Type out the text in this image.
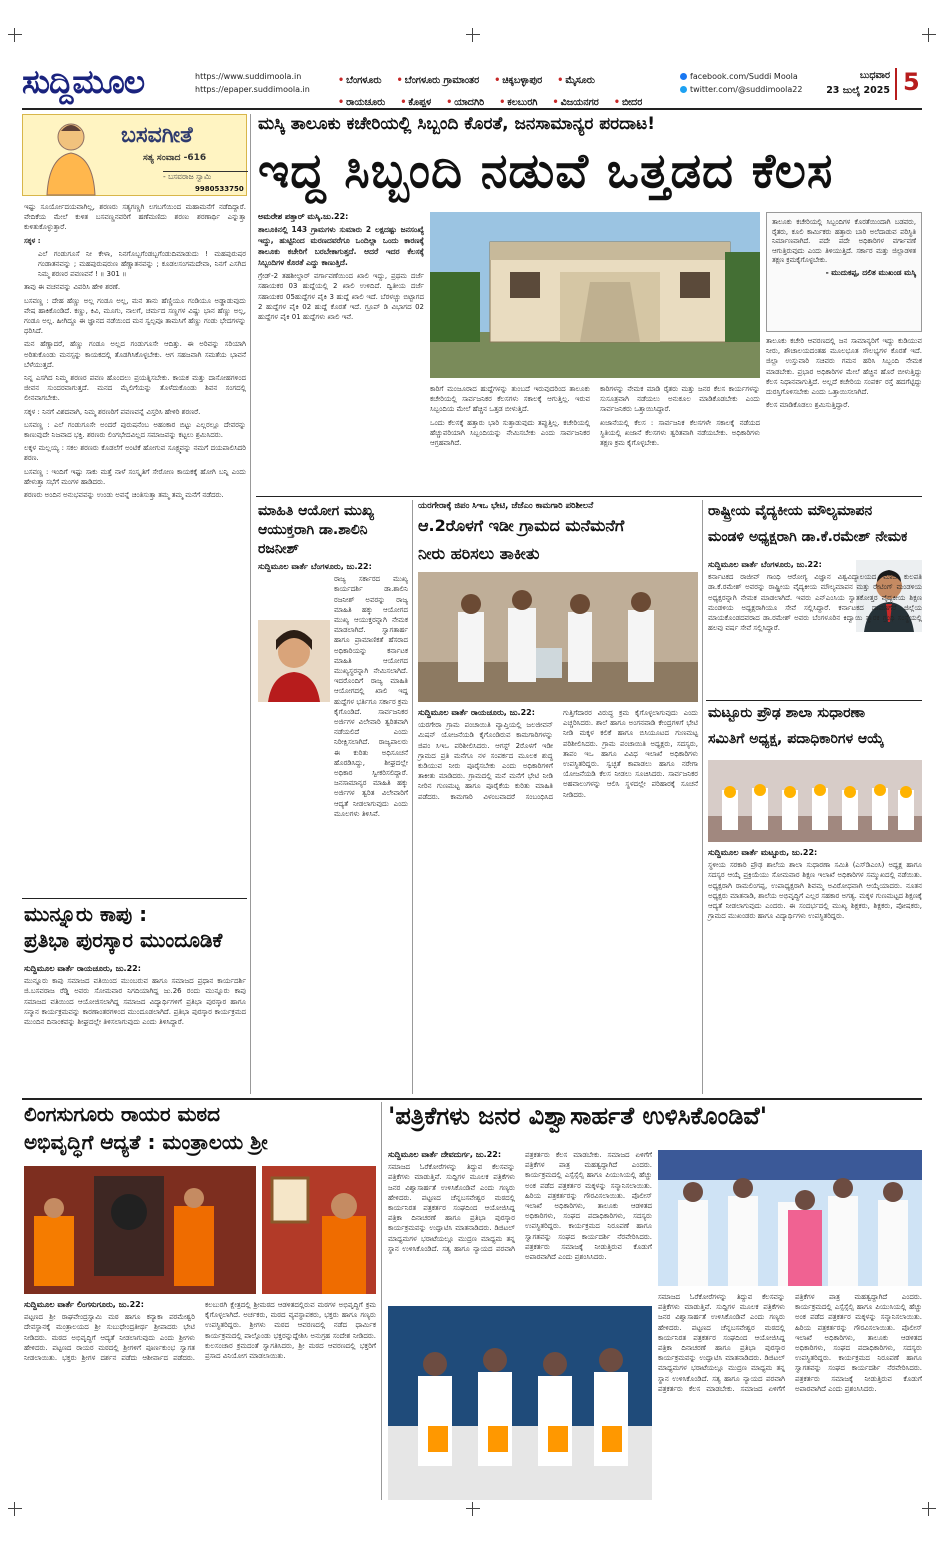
ಸುದ್ದಿಮೂಲ	https://www.suddimoola.in
https://epaper.suddimoola.in
• ಬೆಂಗಳೂರು • ಬೆಂಗಳೂರು ಗ್ರಾಮಾಂತರ • ಚಿಕ್ಕಬಳ್ಳಾಪುರ • ಮೈಸೂರು
• ರಾಯಚೂರು • ಕೊಪ್ಪಳ • ಯಾದಗಿರಿ • ಕಲಬುರಗಿ • ವಿಜಯನಗರ • ಬೀದರ
facebook.com/Suddi Moola
twitter.com/@suddimoola22
ಬುಧವಾರ
23 ಜುಲೈ 2025 5
ಬಸವಗೀತೆ
ಸತ್ಯ ಸಂವಾದ -616
- ಬಸವರಾಜ ಸ್ವಾಮಿ
9980533750

ಇಷ್ಟು ಸೂರ್ಯೋದಯವಾಗಿಲ್ಲ, ಶರಣರು ಸತ್ಯಗಣ್ಣಗಿ ಲಗಬಗೆಯಿಂದ ಮಹಾಮನೆಗೆ ನಡೆದಿದ್ದಾರೆ. ವೇದಿಕೆಯ ಮೇಲೆ ಕುಳಿತ ಬಸವಣ್ಣನವರಿಗೆ ಹಣೆಮಣಿದು ಶರಣು ಶರಣಾರ್ಥಿ ಎನ್ನುತ್ತಾ ಕುಳಿತುಕೊಳ್ಳುತ್ತಾರೆ.

ಸಕ್ಕಳ :

ಎಲೆ ಗಂಡುಗೂಸೆ ನೀ ಕೇಳಾ, ನಿನಗೊಬ್ಬಗೆಂಡಬ್ಬಗೆಂಡುದಿಮಾಡುದು ! ಮಹಪುರುಷರ ಗಂಡಾತನವನ್ನು ; ಮಹಪುರುಷರುಣ ಹೆಣ್ಣಾತನವನ್ನು ; ಕೂಡಲಸಂಗಮದೇವಾ, ನಿನಗೆ ಎಸಗಿದ ನಿಮ್ಮ ಶರಣರ ಪವಣವನೆ ! ॥ 301 ॥

ತಾವು ಈ ವಚನವನ್ನು ವಿವರಿಸಿ ಹೇಳಿ ಶರಣೆ.

ಬಸವಣ್ಣ : ದೇಹ ಹೆಣ್ಣು ಅಲ್ಲ ಗಂಡೂ ಅಲ್ಲ, ಮನ ತಾನು ಹೆಣ್ಣಿಯೂ ಗಂಡಿಯೂ ಅಡ್ಡಾಡುವುದು ವೇಷ ಹಾಕಿಕೊಂಡಿದೆ. ಕಣ್ಣು, ಕಿವಿ, ಮೂಗು, ನಾಲಗೆ, ಚರ್ಮದ ಸಣ್ಣಗಳ ವಿಷ್ಣು ಭಾನ ಹೆಣ್ಣು ಅಲ್ಲ, ಗಂಡೂ ಅಲ್ಲ. ಹೀಗಿದ್ದೂ ಈ ಜ್ಞಾನದ ನಡೆಯಿಂದ ಮನ ಸ್ವಲ್ಪವೂ ತಾಮಸಿಗೆ ಹೆಣ್ಣು ಗಂಡು ಭೇದಗಳನ್ನು ಧರಿಸಿದೆ.

ಮನ ಹೆಣ್ಣಾದರೆ, ಹೆಣ್ಣು ಗಂಡೂ ಅಲ್ಲದ ಗಂಡುಗೂಸೇ ಆದಿತ್ತು. ಈ ಅರಿವನ್ನು ಸರಿಯಾಗಿ ಅರಿತುಕೊಂಡು ಮನಸ್ಸನ್ನು ಕಾಯಕದಲ್ಲಿ ತೊಡಗಿಸಿಕೊಳ್ಳಬೇಕು. ಆಗ ಸಹಜವಾಗಿ ಸಮತೆಯ ಭಾವನೆ ಬೆಳೆಯುತ್ತದೆ.

ನಿನ್ನ ಎಸಗಿದ ನಿಮ್ಮ ಶರಣರ ಪವಣ ಹೊಂದಲು ಪ್ರಯತ್ನಿಸಬೇಕು. ಕಾಯಕ ಮತ್ತು ದಾಸೋಹಗಳಿಂದ ಜೀವನ ಸುಂದರವಾಗುತ್ತದೆ. ಮನದ ಮೈಲಿಗೆಯನ್ನು ತೊಳೆದುಕೊಂಡು ಶಿವನ ಸಂಗದಲ್ಲಿ ಲೀನವಾಗಬೇಕು.

ಸಕ್ಕಳ : ನಿನಗೆ ವಿಶದವಾಗಿ, ನಿಮ್ಮ ಶರಣರಿಗೆ ಪವಣವನ್ನೆ ವಿಸ್ತರಿಸಿ ಹೇಳಿರಿ ಶರಣರೆ.

ಬಸವಣ್ಣ : ಎಲೆ ಗಂಡುಗೂಸೇ ಅಂದರೆ ಪುರುಷನೆಂಬ ಅಹಂಕಾರ ಬಿಟ್ಟು ಎಲ್ಲರಲ್ಲೂ ದೇವರನ್ನು ಕಾಣುವುದೇ ನಿಜವಾದ ಭಕ್ತಿ. ಶರಣರು ಲಿಂಗಭೇದವಿಲ್ಲದ ಸಮಾಜವನ್ನು ಕಟ್ಟಲು ಶ್ರಮಿಸಿದರು.

ಲಕ್ಕಳ ಮಲ್ಲಯ್ಯ : ಸಕಲ ಶರಣರು ಕೊಡಲೆಗೆ ಅಂಟಿಕೆ ಹೋಗುವ ಸೂಕ್ಷ್ಮವನ್ನು ನಮಗೆ ದಯಪಾಲಿಸಿದರಿ ಶರಣ.

ಬಸವಣ್ಣ : ಇಂದಿಗೆ ಇಷ್ಟು ಸಾಕು ಮತ್ತೆ ನಾಳೆ ಸಂಸ್ಕೃತಿಗೆ ಸೇರೋಣ ಕಾಯಕಕ್ಕೆ ಹೋಗಿ ಬನ್ನಿ ಎಂದು ಹೇಳುತ್ತಾ ಸಭೆಗೆ ಮಂಗಳ ಹಾಡಿದರು.

ಶರಣರು ಅಂದಿನ ಅನುಭವವನ್ನು ಉಂಡು ಅವನ್ನೆ ಚಿಂತಿಸುತ್ತಾ ತಮ್ಮ ತಮ್ಮ ಮನೆಗೆ ನಡೆದರು.

ಮುನ್ನೂರು ಕಾಪು :
ಪ್ರತಿಭಾ ಪುರಸ್ಕಾರ ಮುಂದೂಡಿಕೆ
ಸುದ್ದಿಮೂಲ ವಾರ್ತೆ ರಾಯಚೂರು, ಜು.22:

ಮುನ್ನೂರು ಕಾಪು ಸಮಾಜದ ವತಿಯಿಂದ ಮುಂಬರುವ ಹಾಗೂ ಸಮಾಜದ ಪ್ರಧಾನ ಕಾರ್ಯದರ್ಶಿ ಜಿ.ಬಸವರಾಜ ರೆಡ್ಡಿ ಅವರು ಸೋಮವಾರ ನಿಗದಿಯಾಗಿದ್ದ ಜು.26 ರಂದು ಮುನ್ನೂರು ಕಾಪು ಸಮಾಜದ ವತಿಯಿಂದ ಆಯೋಜಿಸಲಾಗಿದ್ದ ಸಮಾಜದ ವಿದ್ಯಾರ್ಥಿಗಳಿಗೆ ಪ್ರತಿಭಾ ಪುರಸ್ಕಾರ ಹಾಗೂ ಸನ್ಮಾನ ಕಾರ್ಯಕ್ರಮವನ್ನು ಕಾರಣಾಂತರಗಳಿಂದ ಮುಂದೂಡಲಾಗಿದೆ. ಪ್ರತಿಭಾ ಪುರಸ್ಕಾರ ಕಾರ್ಯಕ್ರಮದ ಮುಂದಿನ ದಿನಾಂಕವನ್ನು ಶೀಘ್ರದಲ್ಲೇ ತಿಳಿಸಲಾಗುವುದು ಎಂದು ತಿಳಿಸಿದ್ದಾರೆ.

ಮಸ್ಕಿ ತಾಲೂಕು ಕಚೇರಿಯಲ್ಲಿ ಸಿಬ್ಬಂದಿ ಕೊರತೆ, ಜನಸಾಮಾನ್ಯರ ಪರದಾಟ!
ಇದ್ದ ಸಿಬ್ಬಂದಿ ನಡುವೆ ಒತ್ತಡದ ಕೆಲಸ
ಅಮರೇಶ ಪತ್ತಾರ್ ಮಸ್ಕಿ.ಜು.22:

ತಾಲೂಕಿನಲ್ಲಿ 143 ಗ್ರಾಮಗಳು ಸುಮಾರು 2 ಲಕ್ಷದಷ್ಟು ಜನಸಂಖ್ಯೆ ಇದ್ದು, ಹುಟ್ಟಿನಿಂದ ಮರಣದವರೆಗೂ ಒಂದಿಲ್ಲಾ ಒಂದು ಕಾರಣಕ್ಕೆ ತಾಲೂಕು ಕಚೇರಿಗೆ ಬರಬೇಕಾಗುತ್ತದೆ. ಆದರೆ ಇದರ ಕೆಲಸಕ್ಕೆ ಸಿಬ್ಬಂದಿಗಳ ಕೊರತೆ ಎದ್ದು ಕಾಣುತ್ತಿದೆ.

ಗ್ರೇಡ್-2 ತಹಶೀಲ್ದಾರ್ ವರ್ಗಾವಣೆಯಿಂದ ಖಾಲಿ ಇದ್ದು, ಪ್ರಥಮ ದರ್ಜೆ ಸಹಾಯಕರ 03 ಹುದ್ದೆಯಲ್ಲಿ 2 ಖಾಲಿ ಉಳಿದಿದೆ. ದ್ವಿತೀಯ ದರ್ಜೆ ಸಹಾಯಕರ 05ಹುದ್ದೆಗಳ ಪೈಕಿ 3 ಹುದ್ದೆ ಖಾಲಿ ಇದೆ. ಬೆರಳಚ್ಚು ಬಿಟ್ಟಾಗದ 2 ಹುದ್ದೆಗಳ ಪೈಕಿ 02 ಹುದ್ದೆ ಕೊರತೆ ಇದೆ. ಗ್ರೂಪ್ ಡಿ ವಿಭಾಗದ 02 ಹುದ್ದೆಗಳ ಪೈಕಿ 01 ಹುದ್ದೆಗಳು ಖಾಲಿ ಇವೆ.

ಕಾರಿಗೆ ಮಂಜೂರಾದ ಹುದ್ದೆಗಳನ್ನು ತುಂಬದೆ ಇರುವುದರಿಂದ ತಾಲೂಕು ಕಚೇರಿಯಲ್ಲಿ ಸಾರ್ವಜನಿಕರ ಕೆಲಸಗಳು ಸಕಾಲಕ್ಕೆ ಆಗುತ್ತಿಲ್ಲ. ಇರುವ ಸಿಬ್ಬಂದಿಯ ಮೇಲೆ ಹೆಚ್ಚಿನ ಒತ್ತಡ ಬೀಳುತ್ತಿದೆ.

ಒಂದು ಕೆಲಸಕ್ಕೆ ಹತ್ತಾರು ಭಾರಿ ಸುತ್ತಾಡುವುದು ತಪ್ಪುತ್ತಿಲ್ಲ. ಕಚೇರಿಯಲ್ಲಿ ಹೆಚ್ಚುವರಿಯಾಗಿ ಸಿಬ್ಬಂದಿಯನ್ನು ನೇಮಿಸಬೇಕು ಎಂದು ಸಾರ್ವಜನಿಕರ ಆಗ್ರಹವಾಗಿದೆ.

ಕಾರಿಗಳನ್ನು ನೇಮಕ ಮಾಡಿ ರೈತರು ಮತ್ತು ಜನರ ಕೆಲಸ ಕಾರ್ಯಗಳನ್ನು ಸುಸೂತ್ರವಾಗಿ ನಡೆಯಲು ಅನುಕೂಲ ಮಾಡಿಕೊಡಬೇಕು ಎಂದು ಸಾರ್ವಜನಿಕರು ಒತ್ತಾಯಿಸಿದ್ದಾರೆ.

ಖಜಾನೆಯಲ್ಲಿ ಕೆಲಸ : ಸಾರ್ವಜನಿಕ ಕೆಲಸಗಳೇ ಸಕಾಲಕ್ಕೆ ನಡೆಯದ ಸ್ಥಿತಿಯಲ್ಲಿ ಖಜಾನೆ ಕೆಲಸಗಳು ತ್ವರಿತವಾಗಿ ನಡೆಯಬೇಕು. ಅಧಿಕಾರಿಗಳು ತಕ್ಷಣ ಕ್ರಮ ಕೈಗೊಳ್ಳಬೇಕು.

ತಾಲೂಕು ಕಚೇರಿಯಲ್ಲಿ ಸಿಬ್ಬಂದಿಗಳ ಕೊರತೆಯಿಂದಾಗಿ ಬಡವರು, ರೈತರು, ಕೂಲಿ ಕಾರ್ಮಿಕರು ಹತ್ತಾರು ಬಾರಿ ಅಲೆದಾಡುವ ಪರಿಸ್ಥಿತಿ ನಿರ್ಮಾಣವಾಗಿದೆ. ಪದೇ ಪದೇ ಅಧಿಕಾರಿಗಳ ವರ್ಗಾವಣೆ ಆಗುತ್ತಿರುವುದು ಎಂದು ತಿಳಿಯುತ್ತಿದೆ. ಸರ್ಕಾರ ಮತ್ತು ಜಿಲ್ಲಾಡಳಿತ ತಕ್ಷಣ ಕ್ರಮಕೈಗೊಳ್ಳಬೇಕು.
- ಮುದುಕಪ್ಪ, ದಲಿತ ಮುಖಂಡ ಮಸ್ಕಿ

ತಾಲೂಕು ಕಚೇರಿ ಆವರಣದಲ್ಲಿ ಜನ ಸಾಮಾನ್ಯರಿಗೆ ಇದ್ದು ಕುಡಿಯುವ ನೀರು, ಶೌಚಾಲಯದಂತಹ ಮೂಲಭೂತ ಸೌಲಭ್ಯಗಳ ಕೊರತೆ ಇದೆ. ಜಿಲ್ಲಾ ಉಸ್ತುವಾರಿ ಸಚಿವರು ಗಮನ ಹರಿಸಿ ಸಿಬ್ಬಂದಿ ನೇಮಕ ಮಾಡಬೇಕು. ಪ್ರಭಾರ ಅಧಿಕಾರಿಗಳ ಮೇಲೆ ಹೆಚ್ಚಿನ ಹೊರೆ ಬೀಳುತ್ತಿದ್ದು ಕೆಲಸ ನಿಧಾನವಾಗುತ್ತಿದೆ. ಅಲ್ಲದೆ ಕಚೇರಿಯ ಸಂಪರ್ಕ ರಸ್ತೆ ಹದಗೆಟ್ಟಿದ್ದು ದುರಸ್ತಿಗೊಳಿಸಬೇಕು ಎಂದು ಒತ್ತಾಯಿಸಲಾಗಿದೆ.

ಕೆಲಸ ಮಾಡಿಕೊಡಲು ಶ್ರಮಿಸುತ್ತಿದ್ದಾರೆ.

ಮಾಹಿತಿ ಆಯೋಗ ಮುಖ್ಯ ಆಯುಕ್ತರಾಗಿ ಡಾ.ಶಾಲಿನಿ ರಜನೀಶ್
ಸುದ್ದಿಮೂಲ ವಾರ್ತೆ ಬೆಂಗಳೂರು, ಜು.22:

ರಾಜ್ಯ ಸರ್ಕಾರದ ಮುಖ್ಯ ಕಾರ್ಯದರ್ಶಿ ಡಾ.ಶಾಲಿನಿ ರಜನೀಶ್ ಅವರನ್ನು ರಾಜ್ಯ ಮಾಹಿತಿ ಹಕ್ಕು ಆಯೋಗದ ಮುಖ್ಯ ಆಯುಕ್ತರನ್ನಾಗಿ ನೇಮಕ ಮಾಡಲಾಗಿದೆ. ಸ್ವಾಗತಾರ್ಹ ಹಾಗೂ ಪ್ರಾಮಾಣಿಕತೆ ಹೆಸರಾದ ಅಧಿಕಾರಿಯನ್ನು ಕರ್ನಾಟಕ ಮಾಹಿತಿ ಆಯೋಗದ ಮುಖ್ಯಸ್ಥರನ್ನಾಗಿ ನೇಮಿಸಲಾಗಿದೆ. ಇದರೊಂದಿಗೆ ರಾಜ್ಯ ಮಾಹಿತಿ ಆಯೋಗದಲ್ಲಿ ಖಾಲಿ ಇದ್ದ ಹುದ್ದೆಗಳ ಭರ್ತಿಗೂ ಸರ್ಕಾರ ಕ್ರಮ ಕೈಗೊಂಡಿದೆ. ಸಾರ್ವಜನಿಕರ ಅರ್ಜಿಗಳ ವಿಲೇವಾರಿ ತ್ವರಿತವಾಗಿ ನಡೆಯಲಿದೆ ಎಂದು ನಿರೀಕ್ಷಿಸಲಾಗಿದೆ. ರಾಜ್ಯಪಾಲರು ಈ ಕುರಿತು ಅಧಿಸೂಚನೆ ಹೊರಡಿಸಿದ್ದು, ಶೀಘ್ರದಲ್ಲೇ ಅಧಿಕಾರ ಸ್ವೀಕರಿಸಲಿದ್ದಾರೆ. ಜನಸಾಮಾನ್ಯರ ಮಾಹಿತಿ ಹಕ್ಕು ಅರ್ಜಿಗಳ ತ್ವರಿತ ವಿಲೇವಾರಿಗೆ ಆದ್ಯತೆ ನೀಡಲಾಗುವುದು ಎಂದು ಮೂಲಗಳು ತಿಳಿಸಿವೆ.

ಯರಗೇರಾಕ್ಕೆ ಜಿಪಂ ಸಿಇಒ ಭೇಟಿ, ಜೆಜೆಎಂ ಕಾಮಗಾರಿ ಪರಿಶೀಲನೆ
ಆ.2ರೊಳಗೆ ಇಡೀ ಗ್ರಾಮದ ಮನೆಮನೆಗೆ
ನೀರು ಹರಿಸಲು ತಾಕೀತು
ಸುದ್ದಿಮೂಲ ವಾರ್ತೆ ರಾಯಚೂರು, ಜು.22:

ಯರಗೇರಾ ಗ್ರಾಮ ಪಂಚಾಯಿತಿ ವ್ಯಾಪ್ತಿಯಲ್ಲಿ ಜಲಜೀವನ್ ಮಿಷನ್ ಯೋಜನೆಯಡಿ ಕೈಗೊಂಡಿರುವ ಕಾಮಗಾರಿಗಳನ್ನು ಜಿಪಂ ಸಿಇಒ ಪರಿಶೀಲಿಸಿದರು. ಆಗಸ್ಟ್ 2ರೊಳಗೆ ಇಡೀ ಗ್ರಾಮದ ಪ್ರತಿ ಮನೆಗೂ ನಳ ಸಂಪರ್ಕದ ಮೂಲಕ ಶುದ್ಧ ಕುಡಿಯುವ ನೀರು ಪೂರೈಸಬೇಕು ಎಂದು ಅಧಿಕಾರಿಗಳಿಗೆ ತಾಕೀತು ಮಾಡಿದರು. ಗ್ರಾಮದಲ್ಲಿ ಮನೆ ಮನೆಗೆ ಭೇಟಿ ನೀಡಿ ನೀರಿನ ಗುಣಮಟ್ಟ ಹಾಗೂ ಪೂರೈಕೆಯ ಕುರಿತು ಮಾಹಿತಿ ಪಡೆದರು. ಕಾಮಗಾರಿ ವಿಳಂಬವಾದರೆ ಸಂಬಂಧಿಸಿದ ಗುತ್ತಿಗೆದಾರರ ವಿರುದ್ಧ ಕ್ರಮ ಕೈಗೊಳ್ಳಲಾಗುವುದು ಎಂದು ಎಚ್ಚರಿಸಿದರು. ಶಾಲೆ ಹಾಗೂ ಅಂಗನವಾಡಿ ಕೇಂದ್ರಗಳಿಗೆ ಭೇಟಿ ನೀಡಿ ಮಕ್ಕಳ ಕಲಿಕೆ ಹಾಗೂ ಬಿಸಿಯೂಟದ ಗುಣಮಟ್ಟ ಪರಿಶೀಲಿಸಿದರು. ಗ್ರಾಮ ಪಂಚಾಯಿತಿ ಅಧ್ಯಕ್ಷರು, ಸದಸ್ಯರು, ತಾಪಂ ಇಒ ಹಾಗೂ ವಿವಿಧ ಇಲಾಖೆ ಅಧಿಕಾರಿಗಳು ಉಪಸ್ಥಿತರಿದ್ದರು. ಸ್ವಚ್ಛತೆ ಕಾಪಾಡಲು ಹಾಗೂ ನರೇಗಾ ಯೋಜನೆಯಡಿ ಕೆಲಸ ನೀಡಲು ಸೂಚಿಸಿದರು. ಸಾರ್ವಜನಿಕರ ಅಹವಾಲುಗಳನ್ನು ಆಲಿಸಿ ಸ್ಥಳದಲ್ಲೇ ಪರಿಹಾರಕ್ಕೆ ಸೂಚನೆ ನೀಡಿದರು.

ರಾಷ್ಟ್ರೀಯ ವೈದ್ಯಕೀಯ ಮೌಲ್ಯಮಾಪನ
ಮಂಡಳಿ ಅಧ್ಯಕ್ಷರಾಗಿ ಡಾ.ಕೆ.ರಮೇಶ್ ನೇಮಕ
ಸುದ್ದಿಮೂಲ ವಾರ್ತೆ ಬೆಂಗಳೂರು, ಜು.22:

ಕರ್ನಾಟಕದ ರಾಜೀವ್ ಗಾಂಧಿ ಆರೋಗ್ಯ ವಿಜ್ಞಾನ ವಿಶ್ವವಿದ್ಯಾಲಯದ ಮಾಜಿ ಕುಲಪತಿ ಡಾ.ಕೆ.ರಮೇಶ್ ಅವರನ್ನು ರಾಷ್ಟ್ರೀಯ ವೈದ್ಯಕೀಯ ಮೌಲ್ಯಮಾಪನ ಮತ್ತು ರೇಟಿಂಗ್ ಮಂಡಳಿಯ ಅಧ್ಯಕ್ಷರನ್ನಾಗಿ ನೇಮಕ ಮಾಡಲಾಗಿದೆ. ಇವರು ಎನ್‌ಎಂಸಿಯ ಸ್ವಾತಕೋತ್ತರ ವೈದ್ಯಕೀಯ ಶಿಕ್ಷಣ ಮಂಡಳಿಯ ಅಧ್ಯಕ್ಷರಾಗಿಯೂ ಸೇವೆ ಸಲ್ಲಿಸಿದ್ದಾರೆ. ಕರ್ನಾಟಕದ ದಾವಣಗೆರೆ ಜಿಲ್ಲೆಯ ಮಾಯಕೊಂಡದವರಾದ ಡಾ.ರಮೇಶ್ ಅವರು ಬೆಂಗಳೂರಿನ ಕಿದ್ವಾಯಿ ಸ್ಮಾರಕ ಗ್ರಂಥಿ ಸಂಸ್ಥೆಯಲ್ಲಿ ಹಲವು ವರ್ಷ ಸೇವೆ ಸಲ್ಲಿಸಿದ್ದಾರೆ.

ಮಟ್ಟೂರು ಪ್ರೌಢ ಶಾಲಾ ಸುಧಾರಣಾ
ಸಮಿತಿಗೆ ಅಧ್ಯಕ್ಷ, ಪದಾಧಿಕಾರಿಗಳ ಆಯ್ಕೆ
ಸುದ್ದಿಮೂಲ ವಾರ್ತೆ ಮಟ್ಟೂರು, ಜು.22:

ಸ್ಥಳೀಯ ಸರಕಾರಿ ಪ್ರೌಢ ಶಾಲೆಯ ಶಾಲಾ ಸುಧಾರಣಾ ಸಮಿತಿ (ಎಸ್‌ಡಿಎಂಸಿ) ಅಧ್ಯಕ್ಷ ಹಾಗೂ ಸದಸ್ಯರ ಆಯ್ಕೆ ಪ್ರಕ್ರಿಯೆಯು ಸೋಮವಾರ ಶಿಕ್ಷಣ ಇಲಾಖೆ ಅಧಿಕಾರಿಗಳ ಸಮ್ಮುಖದಲ್ಲಿ ನಡೆಯಿತು. ಅಧ್ಯಕ್ಷರಾಗಿ ರಾಮಲಿಂಗಪ್ಪ, ಉಪಾಧ್ಯಕ್ಷರಾಗಿ ಶಿವಮ್ಮ ಅವಿರೋಧವಾಗಿ ಆಯ್ಕೆಯಾದರು. ನೂತನ ಅಧ್ಯಕ್ಷರು ಮಾತನಾಡಿ, ಶಾಲೆಯ ಅಭಿವೃದ್ಧಿಗೆ ಎಲ್ಲರ ಸಹಕಾರ ಅಗತ್ಯ. ಮಕ್ಕಳ ಗುಣಮಟ್ಟದ ಶಿಕ್ಷಣಕ್ಕೆ ಆದ್ಯತೆ ನೀಡಲಾಗುವುದು ಎಂದರು. ಈ ಸಂದರ್ಭದಲ್ಲಿ ಮುಖ್ಯ ಶಿಕ್ಷಕರು, ಶಿಕ್ಷಕರು, ಪೋಷಕರು, ಗ್ರಾಮದ ಮುಖಂಡರು ಹಾಗೂ ವಿದ್ಯಾರ್ಥಿಗಳು ಉಪಸ್ಥಿತರಿದ್ದರು.

ಲಿಂಗಸುಗೂರು ರಾಯರ ಮಠದ
ಅಭಿವೃದ್ಧಿಗೆ ಆದ್ಯತೆ : ಮಂತ್ರಾಲಯ ಶ್ರೀ
ಸುದ್ದಿಮೂಲ ವಾರ್ತೆ ಲಿಂಗಸುಗೂರು, ಜು.22:

ಪಟ್ಟಣದ ಶ್ರೀ ರಾಘವೇಂದ್ರಸ್ವಾಮಿ ಮಠ ಹಾಗೂ ಕನ್ಯಾಕಾ ಪರಮೇಶ್ವರಿ ದೇವಸ್ಥಾನಕ್ಕೆ ಮಂತ್ರಾಲಯದ ಶ್ರೀ ಸುಬುಧೇಂದ್ರತೀರ್ಥ ಶ್ರೀಪಾದರು ಭೇಟಿ ನೀಡಿದರು. ಮಠದ ಅಭಿವೃದ್ಧಿಗೆ ಆದ್ಯತೆ ನೀಡಲಾಗುವುದು ಎಂದು ಶ್ರೀಗಳು ಹೇಳಿದರು. ಪಟ್ಟಣದ ರಾಯರ ಮಠದಲ್ಲಿ ಶ್ರೀಗಳಿಗೆ ಪೂರ್ಣಕುಂಭ ಸ್ವಾಗತ ನೀಡಲಾಯಿತು. ಭಕ್ತರು ಶ್ರೀಗಳ ದರ್ಶನ ಪಡೆದು ಆಶೀರ್ವಾದ ಪಡೆದರು. ಕಲಬುರಗಿ ಕ್ಷೇತ್ರದಲ್ಲಿ ಶ್ರೀಮಠದ ಆಡಳಿತದಲ್ಲಿರುವ ಮಠಗಳ ಅಭಿವೃದ್ಧಿಗೆ ಕ್ರಮ ಕೈಗೊಳ್ಳಲಾಗಿದೆ. ಅರ್ಚಕರು, ಮಠದ ವ್ಯವಸ್ಥಾಪಕರು, ಭಕ್ತರು ಹಾಗೂ ಗಣ್ಯರು ಉಪಸ್ಥಿತರಿದ್ದರು. ಶ್ರೀಗಳು ಮಠದ ಆವರಣದಲ್ಲಿ ನಡೆದ ಧಾರ್ಮಿಕ ಕಾರ್ಯಕ್ರಮದಲ್ಲಿ ಪಾಲ್ಗೊಂಡು ಭಕ್ತರನ್ನುದ್ದೇಶಿಸಿ ಅನುಗ್ರಹ ಸಂದೇಶ ನೀಡಿದರು. ಕುಲಸಂಚಾರ ಕ್ರಮದಂತೆ ಸ್ವಾಗತಿಸಿದರು, ಶ್ರೀ ಮಠದ ಆವರಣದಲ್ಲಿ ಭಕ್ತರಿಗೆ ಪ್ರಸಾದ ವಿನಿಯೋಗ ಮಾಡಲಾಯಿತು.

'ಪತ್ರಿಕೆಗಳು ಜನರ ವಿಶ್ವಾಸಾರ್ಹತೆ ಉಳಿಸಿಕೊಂಡಿವೆ'
ಸುದ್ದಿಮೂಲ ವಾರ್ತೆ ದೇವದುರ್ಗ, ಜು.22:

ಸಮಾಜದ ಓರೆಕೋರೆಗಳನ್ನು ತಿದ್ದುವ ಕೆಲಸವನ್ನು ಪತ್ರಿಕೆಗಳು ಮಾಡುತ್ತಿವೆ. ಸುದ್ದಿಗಳ ಮೂಲಕ ಪತ್ರಿಕೆಗಳು ಜನರ ವಿಶ್ವಾಸಾರ್ಹತೆ ಉಳಿಸಿಕೊಂಡಿವೆ ಎಂದು ಗಣ್ಯರು ಹೇಳಿದರು. ಪಟ್ಟಣದ ಚೆನ್ನಬಸವೇಶ್ವರ ಮಠದಲ್ಲಿ ಕಾರ್ಯನಿರತ ಪತ್ರಕರ್ತರ ಸಂಘದಿಂದ ಆಯೋಜಿಸಿದ್ದ ಪತ್ರಿಕಾ ದಿನಾಚರಣೆ ಹಾಗೂ ಪ್ರತಿಭಾ ಪುರಸ್ಕಾರ ಕಾರ್ಯಕ್ರಮವನ್ನು ಉದ್ಘಾಟಿಸಿ ಮಾತನಾಡಿದರು. ಡಿಜಿಟಲ್ ಮಾಧ್ಯಮಗಳ ಭರಾಟೆಯಲ್ಲೂ ಮುದ್ರಣ ಮಾಧ್ಯಮ ತನ್ನ ಸ್ಥಾನ ಉಳಿಸಿಕೊಂಡಿದೆ. ಸತ್ಯ ಹಾಗೂ ನ್ಯಾಯದ ಪರವಾಗಿ ಪತ್ರಕರ್ತರು ಕೆಲಸ ಮಾಡಬೇಕು. ಸಮಾಜದ ಏಳಿಗೆಗೆ ಪತ್ರಿಕೆಗಳ ಪಾತ್ರ ಮಹತ್ವದ್ದಾಗಿದೆ ಎಂದರು. ಕಾರ್ಯಕ್ರಮದಲ್ಲಿ ಎಸ್ಸೆಸ್ಸೆಲ್ಸಿ ಹಾಗೂ ಪಿಯುಸಿಯಲ್ಲಿ ಹೆಚ್ಚು ಅಂಕ ಪಡೆದ ಪತ್ರಕರ್ತರ ಮಕ್ಕಳನ್ನು ಸನ್ಮಾನಿಸಲಾಯಿತು. ಹಿರಿಯ ಪತ್ರಕರ್ತರನ್ನು ಗೌರವಿಸಲಾಯಿತು. ಪೊಲೀಸ್ ಇಲಾಖೆ ಅಧಿಕಾರಿಗಳು, ತಾಲೂಕು ಆಡಳಿತದ ಅಧಿಕಾರಿಗಳು, ಸಂಘದ ಪದಾಧಿಕಾರಿಗಳು, ಸದಸ್ಯರು ಉಪಸ್ಥಿತರಿದ್ದರು. ಕಾರ್ಯಕ್ರಮದ ನಿರೂಪಣೆ ಹಾಗೂ ಸ್ವಾಗತವನ್ನು ಸಂಘದ ಕಾರ್ಯದರ್ಶಿ ನೆರವೇರಿಸಿದರು. ಪತ್ರಕರ್ತರು ಸಮಾಜಕ್ಕೆ ನೀಡುತ್ತಿರುವ ಕೊಡುಗೆ ಅಪಾರವಾಗಿದೆ ಎಂದು ಪ್ರಶಂಸಿಸಿದರು.

ಸಮಾಜದ ಓರೆಕೋರೆಗಳನ್ನು ತಿದ್ದುವ ಕೆಲಸವನ್ನು ಪತ್ರಿಕೆಗಳು ಮಾಡುತ್ತಿವೆ. ಸುದ್ದಿಗಳ ಮೂಲಕ ಪತ್ರಿಕೆಗಳು ಜನರ ವಿಶ್ವಾಸಾರ್ಹತೆ ಉಳಿಸಿಕೊಂಡಿವೆ ಎಂದು ಗಣ್ಯರು ಹೇಳಿದರು. ಪಟ್ಟಣದ ಚೆನ್ನಬಸವೇಶ್ವರ ಮಠದಲ್ಲಿ ಕಾರ್ಯನಿರತ ಪತ್ರಕರ್ತರ ಸಂಘದಿಂದ ಆಯೋಜಿಸಿದ್ದ ಪತ್ರಿಕಾ ದಿನಾಚರಣೆ ಹಾಗೂ ಪ್ರತಿಭಾ ಪುರಸ್ಕಾರ ಕಾರ್ಯಕ್ರಮವನ್ನು ಉದ್ಘಾಟಿಸಿ ಮಾತನಾಡಿದರು. ಡಿಜಿಟಲ್ ಮಾಧ್ಯಮಗಳ ಭರಾಟೆಯಲ್ಲೂ ಮುದ್ರಣ ಮಾಧ್ಯಮ ತನ್ನ ಸ್ಥಾನ ಉಳಿಸಿಕೊಂಡಿದೆ. ಸತ್ಯ ಹಾಗೂ ನ್ಯಾಯದ ಪರವಾಗಿ ಪತ್ರಕರ್ತರು ಕೆಲಸ ಮಾಡಬೇಕು. ಸಮಾಜದ ಏಳಿಗೆಗೆ ಪತ್ರಿಕೆಗಳ ಪಾತ್ರ ಮಹತ್ವದ್ದಾಗಿದೆ ಎಂದರು. ಕಾರ್ಯಕ್ರಮದಲ್ಲಿ ಎಸ್ಸೆಸ್ಸೆಲ್ಸಿ ಹಾಗೂ ಪಿಯುಸಿಯಲ್ಲಿ ಹೆಚ್ಚು ಅಂಕ ಪಡೆದ ಪತ್ರಕರ್ತರ ಮಕ್ಕಳನ್ನು ಸನ್ಮಾನಿಸಲಾಯಿತು. ಹಿರಿಯ ಪತ್ರಕರ್ತರನ್ನು ಗೌರವಿಸಲಾಯಿತು. ಪೊಲೀಸ್ ಇಲಾಖೆ ಅಧಿಕಾರಿಗಳು, ತಾಲೂಕು ಆಡಳಿತದ ಅಧಿಕಾರಿಗಳು, ಸಂಘದ ಪದಾಧಿಕಾರಿಗಳು, ಸದಸ್ಯರು ಉಪಸ್ಥಿತರಿದ್ದರು. ಕಾರ್ಯಕ್ರಮದ ನಿರೂಪಣೆ ಹಾಗೂ ಸ್ವಾಗತವನ್ನು ಸಂಘದ ಕಾರ್ಯದರ್ಶಿ ನೆರವೇರಿಸಿದರು. ಪತ್ರಕರ್ತರು ಸಮಾಜಕ್ಕೆ ನೀಡುತ್ತಿರುವ ಕೊಡುಗೆ ಅಪಾರವಾಗಿದೆ ಎಂದು ಪ್ರಶಂಸಿಸಿದರು.
